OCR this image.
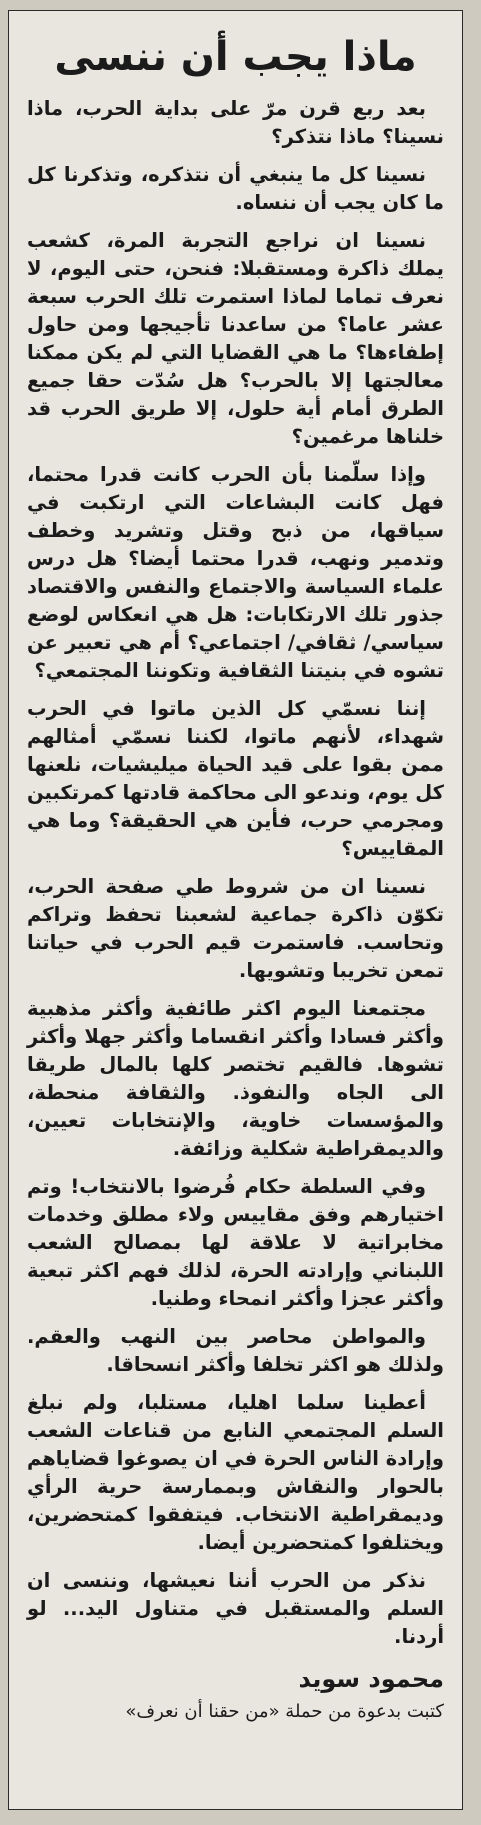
ماذا يجب أن ننسى

بعد ربع قرن مرّ على بداية الحرب، ماذا نسينا؟ ماذا نتذكر؟

نسينا كل ما ينبغي أن نتذكره، وتذكرنا كل ما كان يجب أن ننساه.

نسينا ان نراجع التجربة المرة، كشعب يملك ذاكرة ومستقبلا: فنحن، حتى اليوم، لا نعرف تماما لماذا استمرت تلك الحرب سبعة عشر عاما؟ من ساعدنا تأجيجها ومن حاول إطفاءها؟ ما هي القضايا التي لم يكن ممكنا معالجتها إلا بالحرب؟ هل سُدّت حقا جميع الطرق أمام أية حلول، إلا طريق الحرب قد خلناها مرغمين؟

وإذا سلّمنا بأن الحرب كانت قدرا محتما، فهل كانت البشاعات التي ارتكبت في سياقها، من ذبح وقتل وتشريد وخطف وتدمير ونهب، قدرا محتما أيضا؟ هل درس علماء السياسة والاجتماع والنفس والاقتصاد جذور تلك الارتكابات: هل هي انعكاس لوضع سياسي/ ثقافي/ اجتماعي؟ أم هي تعبير عن تشوه في بنيتنا الثقافية وتكوننا المجتمعي؟

إننا نسمّي كل الذين ماتوا في الحرب شهداء، لأنهم ماتوا، لكننا نسمّي أمثالهم ممن بقوا على قيد الحياة ميليشيات، نلعنها كل يوم، وندعو الى محاكمة قادتها كمرتكبين ومجرمي حرب، فأين هي الحقيقة؟ وما هي المقاييس؟

نسينا ان من شروط طي صفحة الحرب، تكوّن ذاكرة جماعية لشعبنا تحفظ وتراكم وتحاسب. فاستمرت قيم الحرب في حياتنا تمعن تخريبا وتشويها.

مجتمعنا اليوم اكثر طائفية وأكثر مذهبية وأكثر فسادا وأكثر انقساما وأكثر جهلا وأكثر تشوها. فالقيم تختصر كلها بالمال طريقا الى الجاه والنفوذ. والثقافة منحطة، والمؤسسات خاوية، والإنتخابات تعيين، والديمقراطية شكلية وزائفة.

وفي السلطة حكام فُرضوا بالانتخاب! وتم اختيارهم وفق مقاييس ولاء مطلق وخدمات مخابراتية لا علاقة لها بمصالح الشعب اللبناني وإرادته الحرة، لذلك فهم اكثر تبعية وأكثر عجزا وأكثر انمحاء وطنيا.

والمواطن محاصر بين النهب والعقم. ولذلك هو اكثر تخلفا وأكثر انسحاقا.

أعطينا سلما اهليا، مستلبا، ولم نبلغ السلم المجتمعي النابع من قناعات الشعب وإرادة الناس الحرة في ان يصوغوا قضاياهم بالحوار والنقاش وبممارسة حرية الرأي وديمقراطية الانتخاب. فيتفقوا كمتحضرين، ويختلفوا كمتحضرين أيضا.

نذكر من الحرب أننا نعيشها، وننسى ان السلم والمستقبل في متناول اليد... لو أردنا.

محمود سويد
كتبت بدعوة من حملة «من حقنا أن نعرف»
